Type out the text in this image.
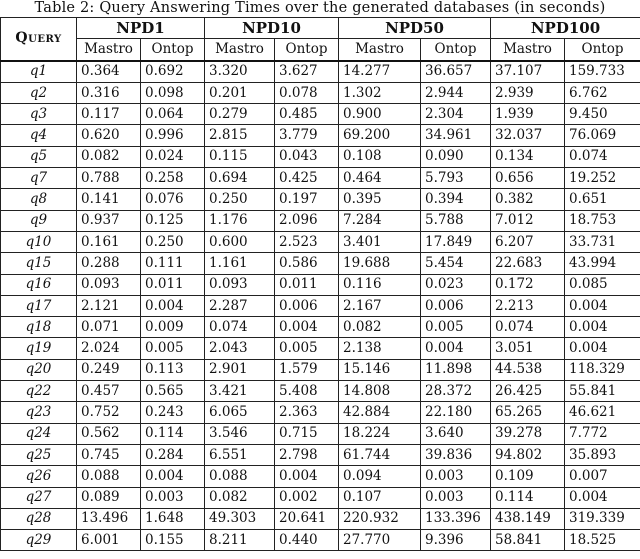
Table 2: Query Answering Times over the generated databases (in seconds)

Query	NPD1		NPD10		NPD50		NPD100	
	Mastro	Ontop	Mastro	Ontop	Mastro	Ontop	Mastro	Ontop
q1	0.364	0.692	3.320	3.627	14.277	36.657	37.107	159.733
q2	0.316	0.098	0.201	0.078	1.302	2.944	2.939	6.762
q3	0.117	0.064	0.279	0.485	0.900	2.304	1.939	9.450
q4	0.620	0.996	2.815	3.779	69.200	34.961	32.037	76.069
q5	0.082	0.024	0.115	0.043	0.108	0.090	0.134	0.074
q7	0.788	0.258	0.694	0.425	0.464	5.793	0.656	19.252
q8	0.141	0.076	0.250	0.197	0.395	0.394	0.382	0.651
q9	0.937	0.125	1.176	2.096	7.284	5.788	7.012	18.753
q10	0.161	0.250	0.600	2.523	3.401	17.849	6.207	33.731
q15	0.288	0.111	1.161	0.586	19.688	5.454	22.683	43.994
q16	0.093	0.011	0.093	0.011	0.116	0.023	0.172	0.085
q17	2.121	0.004	2.287	0.006	2.167	0.006	2.213	0.004
q18	0.071	0.009	0.074	0.004	0.082	0.005	0.074	0.004
q19	2.024	0.005	2.043	0.005	2.138	0.004	3.051	0.004
q20	0.249	0.113	2.901	1.579	15.146	11.898	44.538	118.329
q22	0.457	0.565	3.421	5.408	14.808	28.372	26.425	55.841
q23	0.752	0.243	6.065	2.363	42.884	22.180	65.265	46.621
q24	0.562	0.114	3.546	0.715	18.224	3.640	39.278	7.772
q25	0.745	0.284	6.551	2.798	61.744	39.836	94.802	35.893
q26	0.088	0.004	0.088	0.004	0.094	0.003	0.109	0.007
q27	0.089	0.003	0.082	0.002	0.107	0.003	0.114	0.004
q28	13.496	1.648	49.303	20.641	220.932	133.396	438.149	319.339
q29	6.001	0.155	8.211	0.440	27.770	9.396	58.841	18.525
